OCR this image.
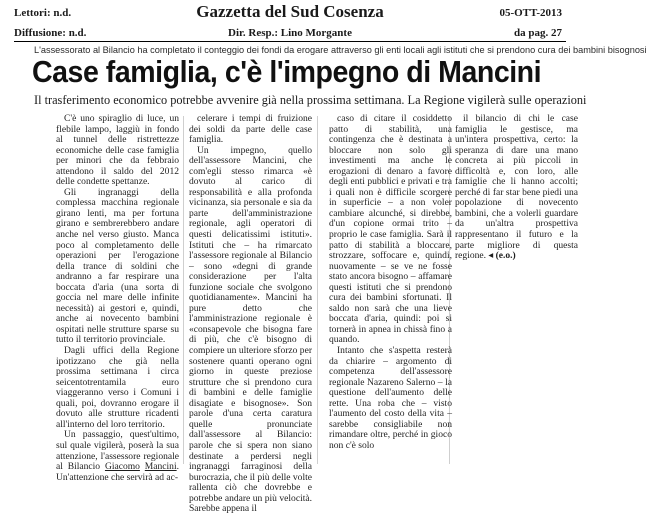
Lettori: n.d.	Gazzetta del Sud Cosenza	05-OTT-2013
Diffusione: n.d.	Dir. Resp.: Lino Morgante	da pag. 27
L'assessorato al Bilancio ha completato il conteggio dei fondi da erogare attraverso gli enti locali agli istituti che si prendono cura dei bambini bisognosi
Case famiglia, c'è l'impegno di Mancini
Il trasferimento economico potrebbe avvenire già nella prossima settimana. La Regione vigilerà sulle operazioni

C'è uno spiraglio di luce, un flebile lampo, laggiù in fondo al tunnel delle ristrettezze economiche delle case famiglia per minori che da febbraio attendono il saldo del 2012 delle condette spettanze.

Gli ingranaggi della complessa macchina regionale girano lenti, ma per fortuna girano e sembrerebbero andare anche nel verso giusto. Manca poco al completamento delle operazioni per l'erogazione della trance di soldini che andranno a far respirare una boccata d'aria (una sorta di goccia nel mare delle infinite necessità) ai gestori e, quindi, anche ai novecento bambini ospitati nelle strutture sparse su tutto il territorio provinciale.

Dagli uffici della Regione ipotizzano che già nella prossima settimana i circa seicentotrentamila euro viaggeranno verso i Comuni i quali, poi, dovranno erogare il dovuto alle strutture ricadenti all'interno del loro territorio.

Un passaggio, quest'ultimo, sul quale vigilerà, poserà la sua attenzione, l'assessore regionale al Bilancio Giacomo Mancini. Un'attenzione che servirà ad ac-

celerare i tempi di fruizione dei soldi da parte delle case famiglia.

Un impegno, quello dell'assessore Mancini, che com'egli stesso rimarca «è dovuto al carico di responsabilità e alla profonda vicinanza, sia personale e sia da parte dell'amministrazione regionale, agli operatori di questi delicatissimi istituti». Istituti che – ha rimarcato l'assessore regionale al Bilancio – sono «degni di grande considerazione per l'alta funzione sociale che svolgono quotidianamente». Mancini ha pure detto che l'amministrazione regionale è «consapevole che bisogna fare di più, che c'è bisogno di compiere un ulteriore sforzo per sostenere quanti operano ogni giorno in queste preziose strutture che si prendono cura di bambini e delle famiglie disagiate e bisognose». Son parole d'una certa caratura quelle pronunciate dall'assessore al Bilancio: parole che si spera non siano destinate a perdersi negli ingranaggi farraginosi della burocrazia, che il più delle volte rallenta ciò che dovrebbe e potrebbe andare un più velocità. Sarebbe appena il

caso di citare il cosiddetto patto di stabilità, una contingenza che è destinata a bloccare non solo gli investimenti ma anche le erogazioni di denaro a favore degli enti pubblici e privati e tra i quali non è difficile scorgere in superficie – a non voler cambiare alcunché, si direbbe, d'un copione ormai trito – proprio le case famiglia. Sarà il patto di stabilità a bloccare, strozzare, soffocare e, quindi, nuovamente – se ve ne fosse stato ancora bisogno – affamare questi istituti che si prendono cura dei bambini sfortunati. Il saldo non sarà che una lieve boccata d'aria, quindi: poi si tornerà in apnea in chissà fino a quando.

Intanto che s'aspetta resterà da chiarire – argomento di competenza dell'assessore regionale Nazareno Salerno – la questione dell'aumento delle rette. Una roba che – visto l'aumento del costo della vita – sarebbe consigliabile non rimandare oltre, perché in gioco non c'è solo

il bilancio di chi le case famiglia le gestisce, ma un'intera prospettiva, certo: la speranza di dare una mano concreta ai più piccoli in difficoltà e, con loro, alle famiglie che li hanno accolti; perché di far star bene piedi una popolazione di novecento bambini, che a volerli guardare da un'altra prospettiva rappresentano il futuro e la parte migliore di questa regione. ◂ (e.o.)
